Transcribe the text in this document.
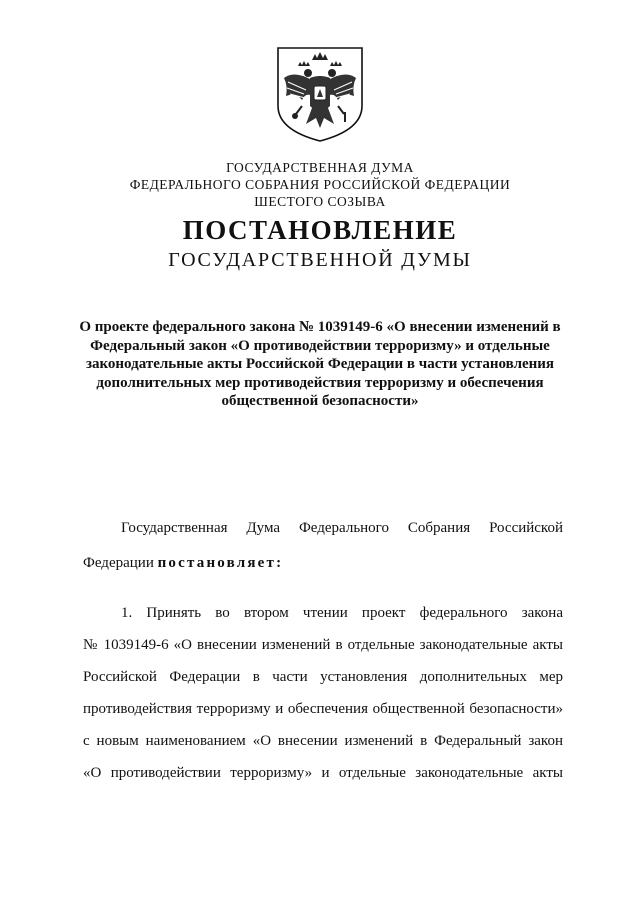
ГОСУДАРСТВЕННАЯ ДУМА
ФЕДЕРАЛЬНОГО СОБРАНИЯ РОССИЙСКОЙ ФЕДЕРАЦИИ
ШЕСТОГО СОЗЫВА
ПОСТАНОВЛЕНИЕ
ГОСУДАРСТВЕННОЙ ДУМЫ
О проекте федерального закона № 1039149-6 «О внесении изменений в
Федеральный закон «О противодействии терроризму» и отдельные
законодательные акты Российской Федерации в части установления
дополнительных мер противодействия терроризму и обеспечения
общественной безопасности»
Государственная Дума Федерального Собрания Российской
Федерации постановляет:
1. Принять во втором чтении проект федерального закона
№ 1039149-6 «О внесении изменений в отдельные законодательные акты
Российской Федерации в части установления дополнительных мер
противодействия терроризму и обеспечения общественной безопасности»
с новым наименованием «О внесении изменений в Федеральный закон
«О противодействии терроризму» и отдельные законодательные акты
